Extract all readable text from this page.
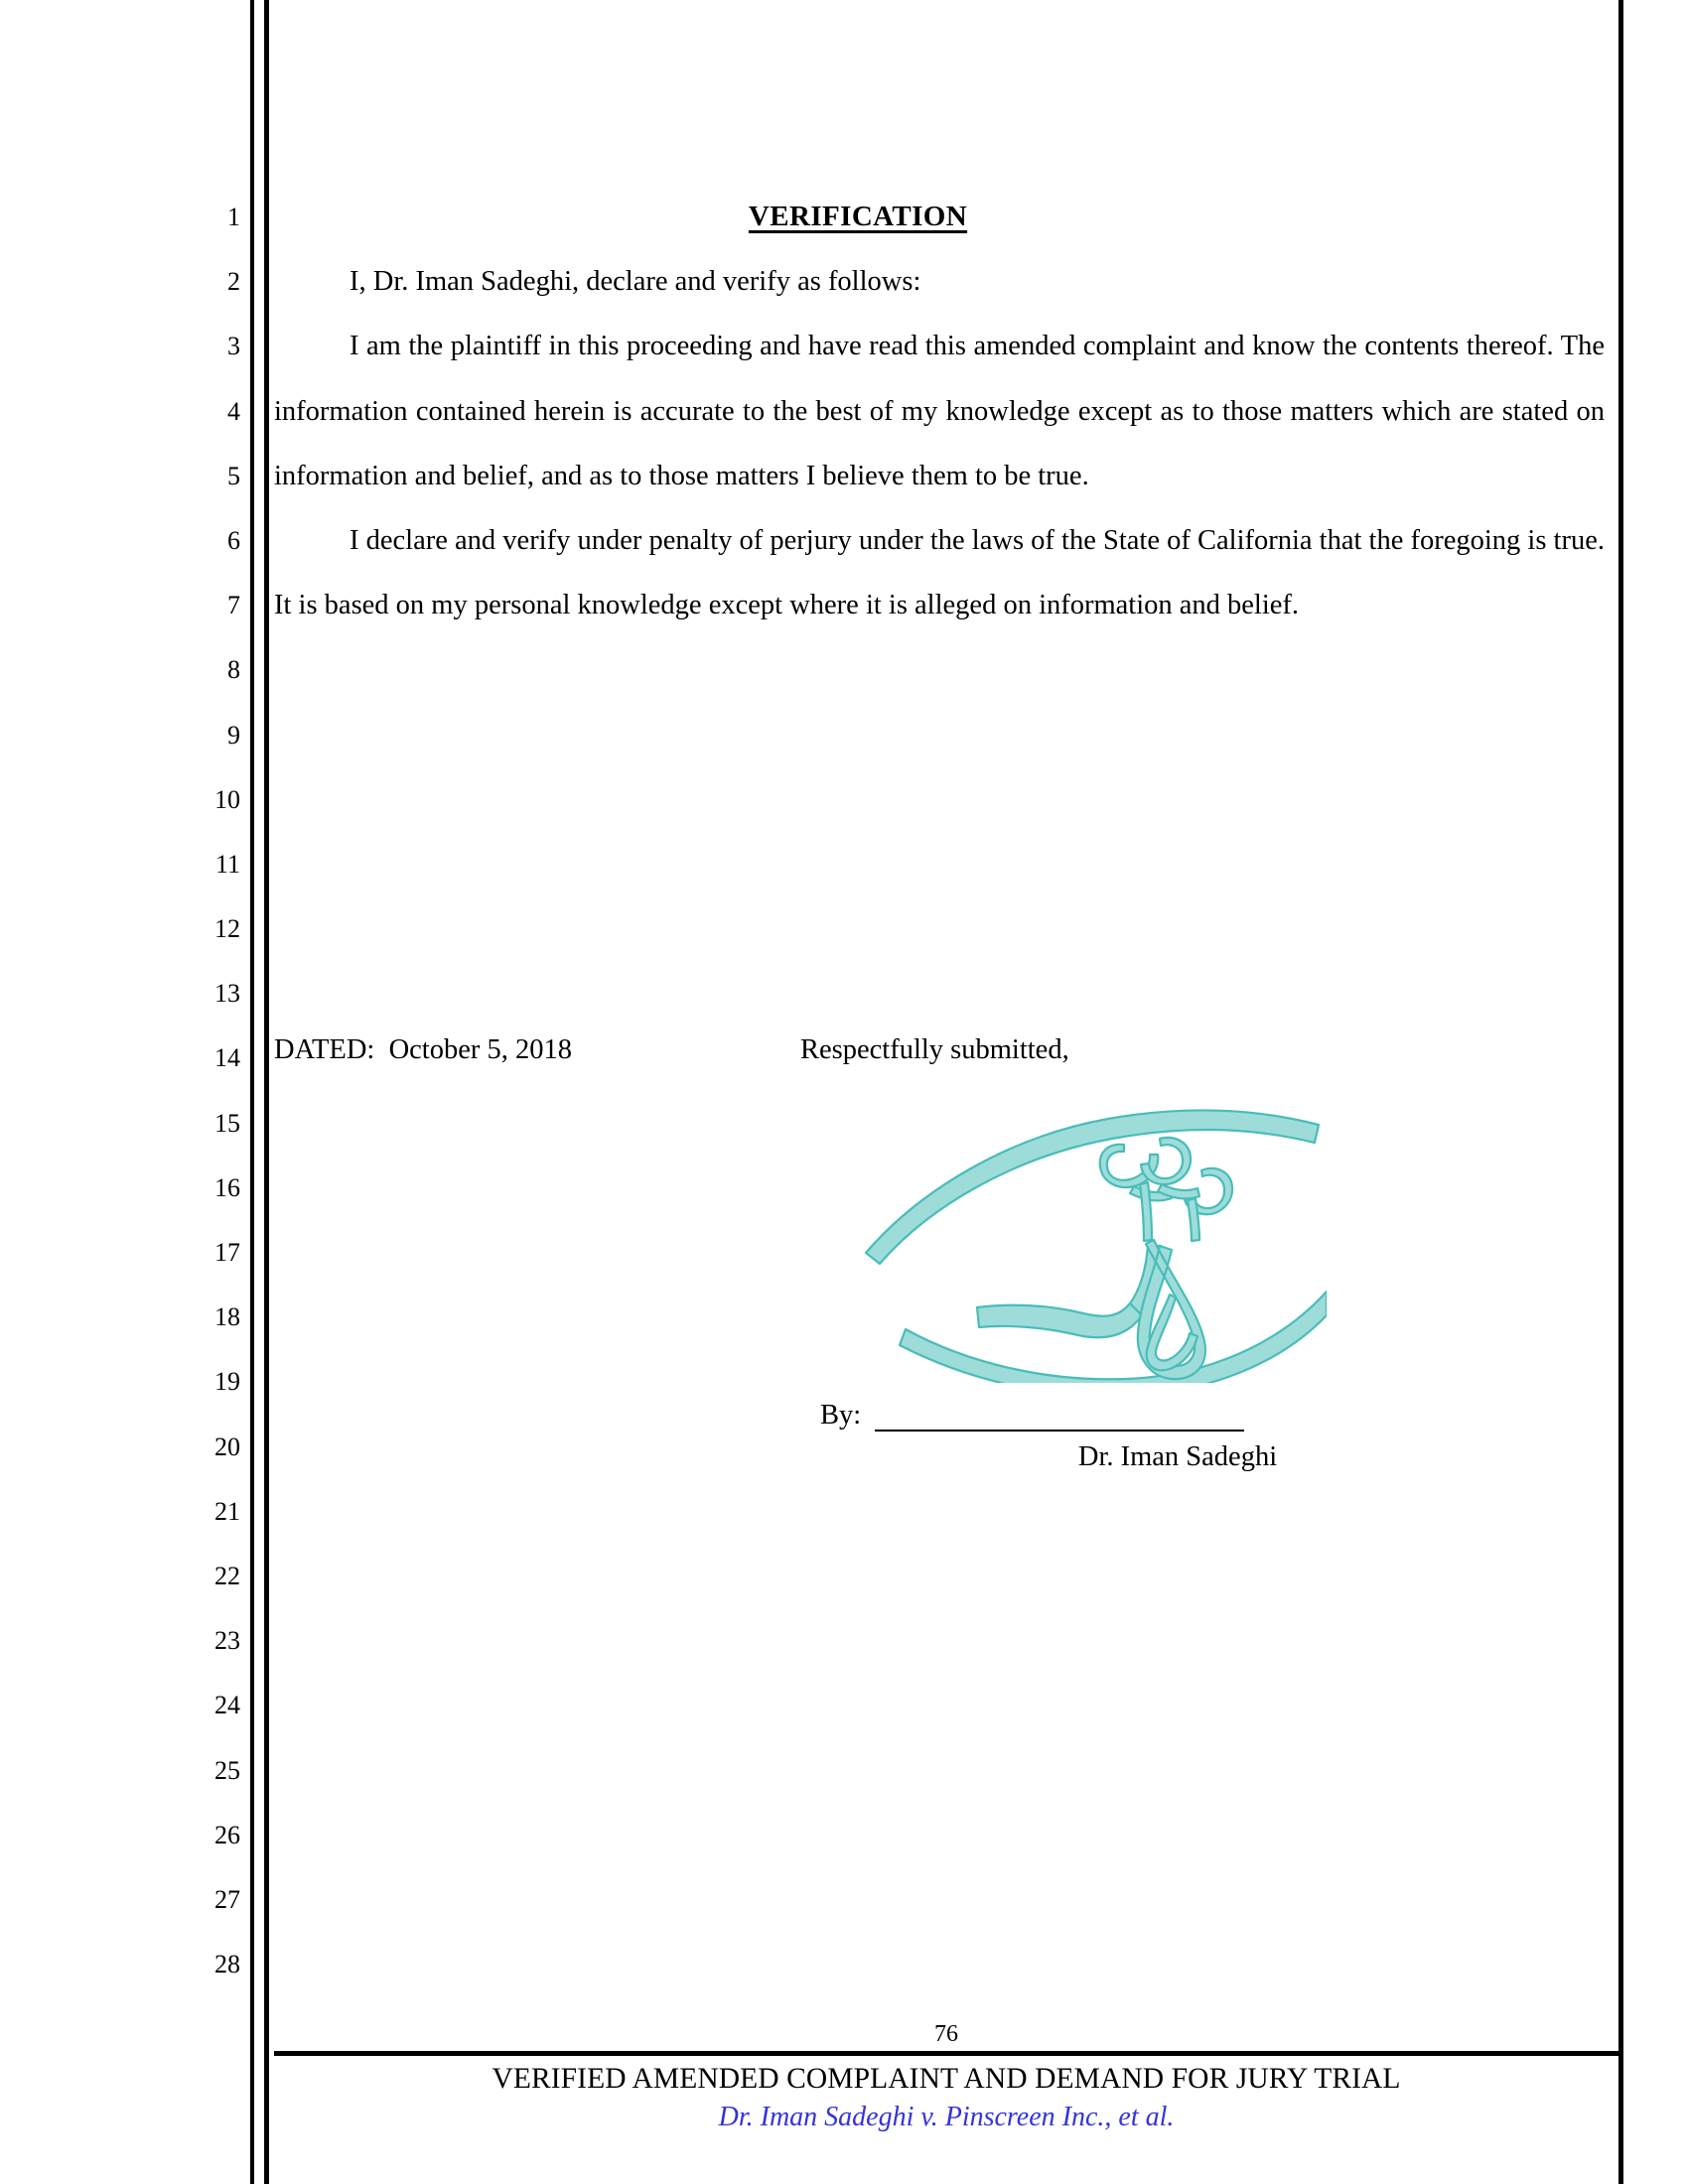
1
2
3
4
5
6
7
8
9
10
11
12
13
14
15
16
17
18
19
20
21
22
23
24
25
26
27
28
VERIFICATION

I, Dr. Iman Sadeghi, declare and verify as follows:

I am the plaintiff in this proceeding and have read this amended complaint and know the contents thereof. The information contained herein is accurate to the best of my knowledge except as to those matters which are stated on information and belief, and as to those matters I believe them to be true.

I declare and verify under penalty of perjury under the laws of the State of California that the foregoing is true. It is based on my personal knowledge except where it is alleged on information and belief.

DATED:  October 5, 2018	Respectfully submitted,
By:
Dr. Iman Sadeghi
76
VERIFIED AMENDED COMPLAINT AND DEMAND FOR JURY TRIAL
Dr. Iman Sadeghi v. Pinscreen Inc., et al.
